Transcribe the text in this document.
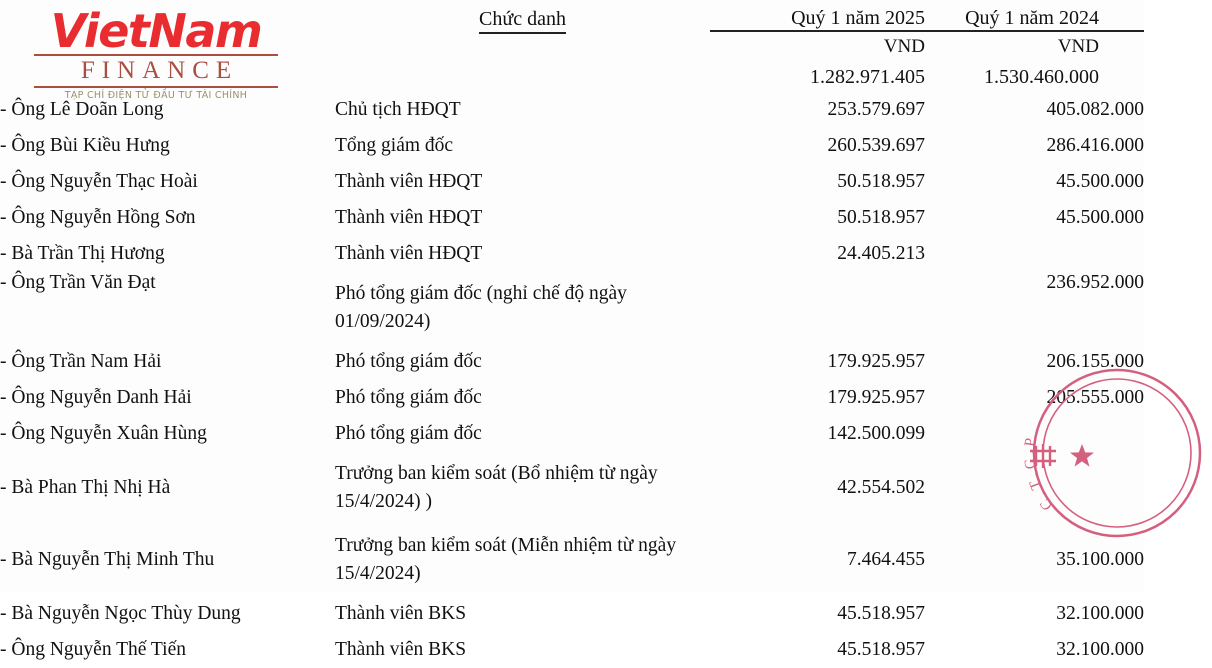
	Chức danh	Quý 1 năm 2025	Quý 1 năm 2024
		VND	VND
		1.282.971.405	1.530.460.000
- Ông Lê Doãn Long	Chủ tịch HĐQT	253.579.697	405.082.000
- Ông Bùi Kiều Hưng	Tổng giám đốc	260.539.697	286.416.000
- Ông Nguyễn Thạc Hoài	Thành viên HĐQT	50.518.957	45.500.000
- Ông Nguyễn Hồng Sơn	Thành viên HĐQT	50.518.957	45.500.000
- Bà Trần Thị Hương	Thành viên HĐQT	24.405.213	
- Ông Trần Văn Đạt	Phó tổng giám đốc (nghỉ chế độ ngày 01/09/2024)		236.952.000
- Ông Trần Nam Hải	Phó tổng giám đốc	179.925.957	206.155.000
- Ông Nguyễn Danh Hải	Phó tổng giám đốc	179.925.957	205.555.000
- Ông Nguyễn Xuân Hùng	Phó tổng giám đốc	142.500.099	
- Bà Phan Thị Nhị Hà	Trưởng ban kiểm soát (Bổ nhiệm từ ngày 15/4/2024) )	42.554.502	
- Bà Nguyễn Thị Minh Thu	Trưởng ban kiểm soát (Miễn nhiệm từ ngày 15/4/2024)	7.464.455	35.100.000
- Bà Nguyễn Ngọc Thùy Dung	Thành viên BKS	45.518.957	32.100.000
- Ông Nguyễn Thế Tiến	Thành viên BKS	45.518.957	32.100.000
VietNam
FINANCE
TẠP CHÍ ĐIỆN TỬ ĐẦU TƯ TÀI CHÍNH
. C.T.C.P
